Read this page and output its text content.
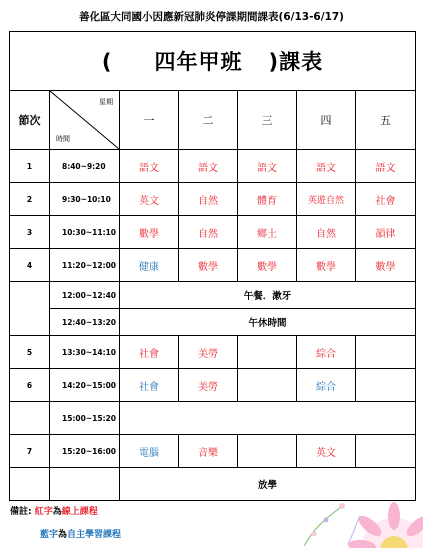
善化區大同國小因應新冠肺炎停課期間課表(6/13-6/17)
( 四年甲班 )課表						
節次	星期
時間	一	二	三	四	五
1	8:40~9:20	語文	語文	語文	語文	語文
2	9:30~10:10	英文	自然	體育	英遊自然	社會
3	10:30~11:10	數學	自然	鄉土	自然	韻律
4	11:20~12:00	健康	數學	數學	數學	數學
	12:00~12:40	午餐．漱牙				
	12:40~13:20	午休時間				
5	13:30~14:10	社會	美勞		綜合	
6	14:20~15:00	社會	美勞		綜合	
	15:00~15:20					
7	15:20~16:00	電腦	音樂		英文	
		放學				
備註: 紅字為線上課程
藍字為自主學習課程
